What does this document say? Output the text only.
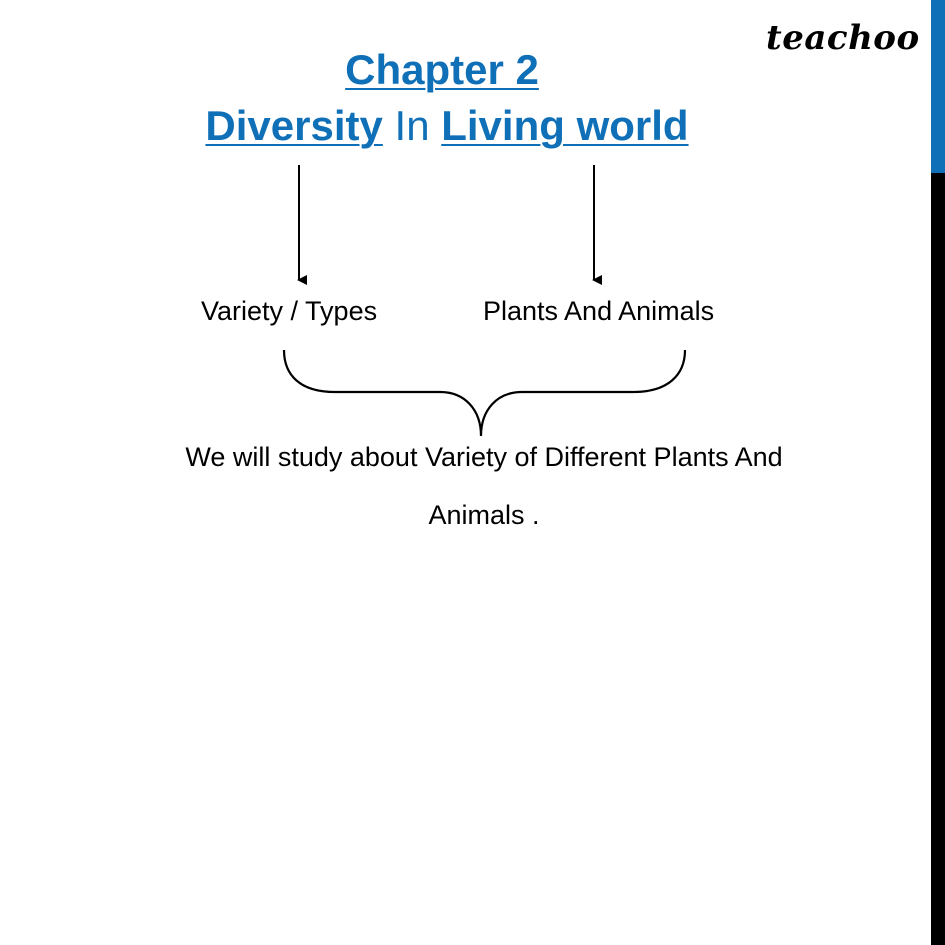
teachoo
Chapter 2
Diversity In Living world
Variety / Types	Plants And Animals
We will study about Variety of Different Plants And
Animals .
